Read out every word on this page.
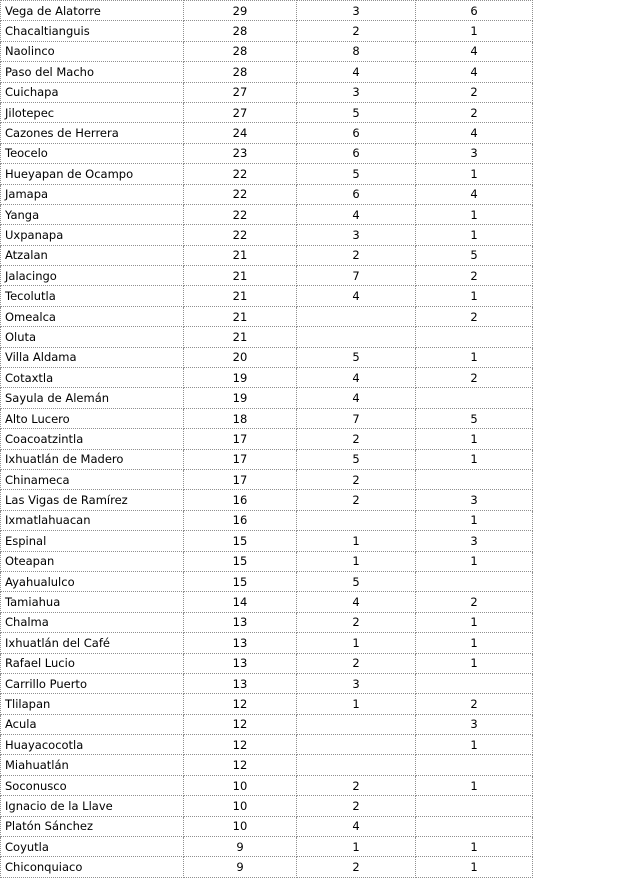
Vega de Alatorre	29	3	6
Chacaltianguis	28	2	1
Naolinco	28	8	4
Paso del Macho	28	4	4
Cuichapa	27	3	2
Jilotepec	27	5	2
Cazones de Herrera	24	6	4
Teocelo	23	6	3
Hueyapan de Ocampo	22	5	1
Jamapa	22	6	4
Yanga	22	4	1
Uxpanapa	22	3	1
Atzalan	21	2	5
Jalacingo	21	7	2
Tecolutla	21	4	1
Omealca	21		2
Oluta	21		
Villa Aldama	20	5	1
Cotaxtla	19	4	2
Sayula de Alemán	19	4	
Alto Lucero	18	7	5
Coacoatzintla	17	2	1
Ixhuatlán de Madero	17	5	1
Chinameca	17	2	
Las Vigas de Ramírez	16	2	3
Ixmatlahuacan	16		1
Espinal	15	1	3
Oteapan	15	1	1
Ayahualulco	15	5	
Tamiahua	14	4	2
Chalma	13	2	1
Ixhuatlán del Café	13	1	1
Rafael Lucio	13	2	1
Carrillo Puerto	13	3	
Tlilapan	12	1	2
Acula	12		3
Huayacocotla	12		1
Miahuatlán	12		
Soconusco	10	2	1
Ignacio de la Llave	10	2	
Platón Sánchez	10	4	
Coyutla	9	1	1
Chiconquiaco	9	2	1
